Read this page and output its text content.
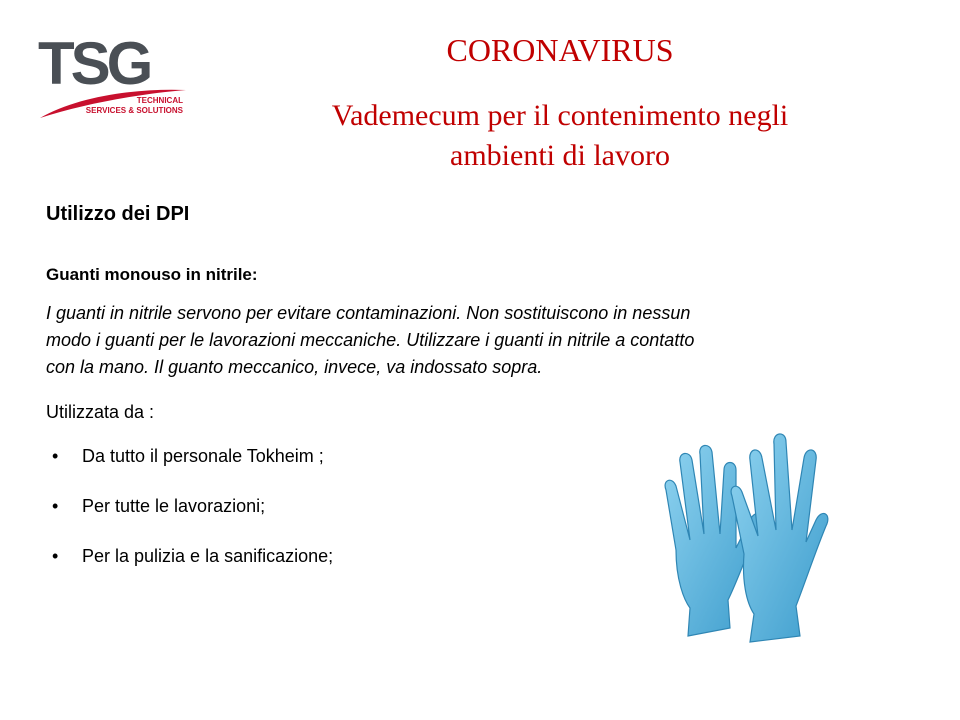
TSG
TECHNICAL
SERVICES & SOLUTIONS
CORONAVIRUS
Vademecum per il contenimento negli
ambienti di lavoro
Utilizzo dei DPI
Guanti monouso in nitrile:
I guanti in nitrile servono per evitare contaminazioni. Non sostituiscono in nessun
modo i guanti per le lavorazioni meccaniche. Utilizzare i guanti in nitrile a contatto
con la mano. Il guanto meccanico, invece, va indossato sopra.
Utilizzata da :
• Da tutto il personale Tokheim ;
• Per tutte le lavorazioni;
• Per la pulizia e la sanificazione;
